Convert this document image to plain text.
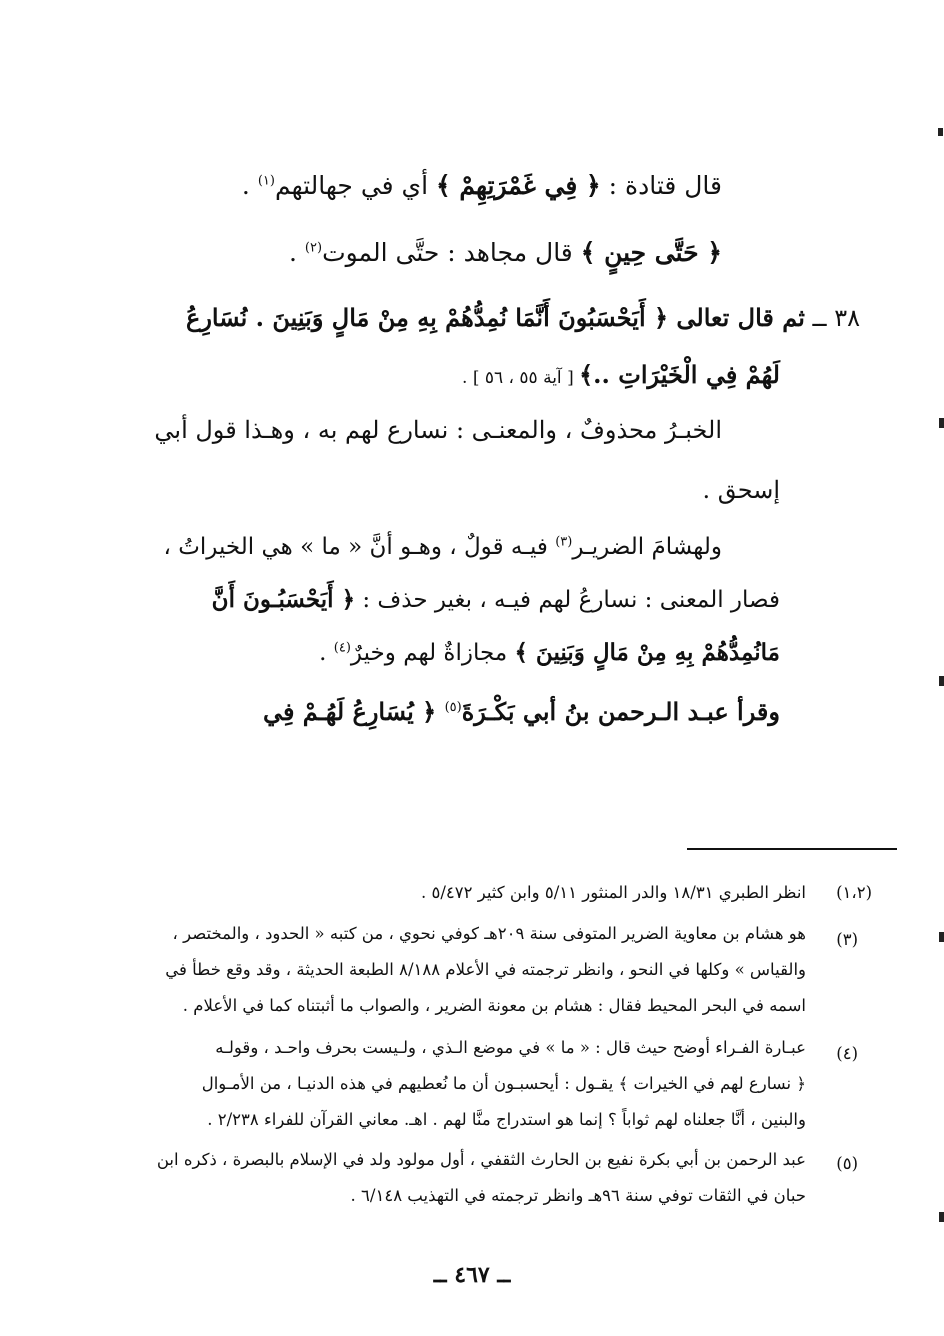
قال قتادة : ﴿ فِي غَمْرَتِهِمْ ﴾ أي في جهالتهم$^{(١)}$ .
﴿ حَتَّى حِينٍ ﴾ قال مجاهد : حتَّى الموت$^{(٢)}$ .
٣٨ ــ ثم قال تعالى ﴿ أَيَحْسَبُونَ أَنَّمَا نُمِدُّهُمْ بِهِ مِنْ مَالٍ وَبَنِينَ . نُسَارِعُ
لَهُمْ فِي الْخَيْرَاتِ ..﴾ [ آية ٥٥ ، ٥٦ ] .
الخبـرُ محذوفٌ ، والمعنـى : نسارع لهم به ، وهـذا قول أبي
إسحق .
ولهشامَ الضريـر$^{(٣)}$ فيـه قولٌ ، وهـو أنَّ « ما » هي الخيراتُ ،
فصار المعنى : نسارعُ لهم فيـه ، بغير حذف : ﴿ أَيَحْسَبُـونَ أَنَّ
مَانُمِدُّهُمْ بِهِ مِنْ مَالٍ وَبَنِينَ ﴾ مجازاةٌ لهم وخيرٌ$^{(٤)}$ .
وقرأ عبـد الـرحمن بنُ أبي بَكْـرَةَ$^{(٥)}$ ﴿ يُسَارِعُ لَهُـمْ فِي
(١،٢)
انظر الطبري ١٨/٣١ والدر المنثور ٥/١١ وابن كثير ٥/٤٧٢ .
(٣)
هو هشام بن معاوية الضرير المتوفى سنة ٢٠٩هـ كوفي نحوي ، من كتبه « الحدود ، والمختصر ،
والقياس » وكلها في النحو ، وانظر ترجمته في الأعلام ٨/١٨٨ الطبعة الحديثة ، وقد وقع خطأ في
اسمه في البحر المحيط فقال : هشام بن معونة الضرير ، والصواب ما أثبتناه كما في الأعلام .
(٤)
عبـارة الفـراء أوضح حيث قال : « ما » في موضع الـذي ، ولـيست بحرف واحـد ، وقولـه
﴿ نسارع لهم في الخيرات ﴾ يقـول : أيحسبـون أن ما نُعطيهم في هذه الدنيـا ، من الأمـوال
والبنين ، أنَّا جعلناه لهم ثواباً ؟ إنما هو استدراج منَّا لهم . اهـ. معاني القرآن للفراء ٢/٢٣٨ .
(٥)
عبد الرحمن بن أبي بكرة نفيع بن الحارث الثقفي ، أول مولود ولد في الإسلام بالبصرة ، ذكره ابن
حبان في الثقات توفي سنة ٩٦هـ وانظر ترجمته في التهذيب ٦/١٤٨ .
ــ ٤٦٧ ــ
